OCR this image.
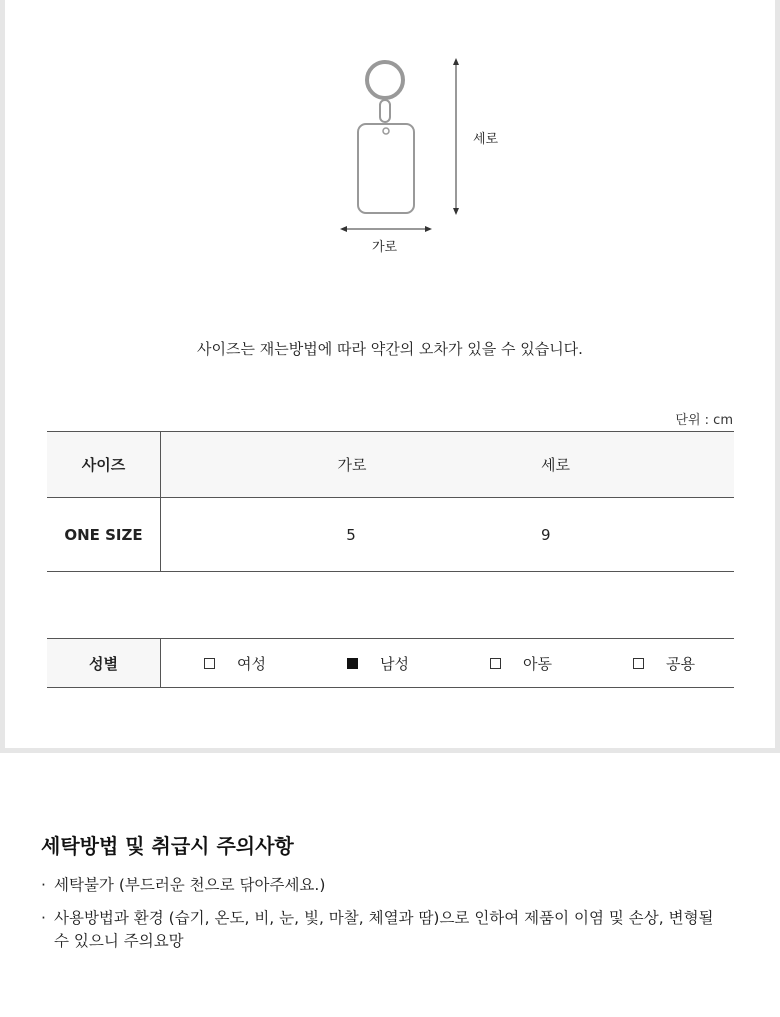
세로
가로
사이즈는 재는방법에 따라 약간의 오차가 있을 수 있습니다.
단위 : cm
사이즈	가로	세로
ONE SIZE	5	9
성별	여성	남성	아동	공용
세탁방법 및 취급시 주의사항
· 세탁불가 (부드러운 천으로 닦아주세요.)
· 사용방법과 환경 (습기, 온도, 비, 눈, 빛, 마찰, 체열과 땀)으로 인하여 제품이 이염 및 손상, 변형될 수 있으니 주의요망
